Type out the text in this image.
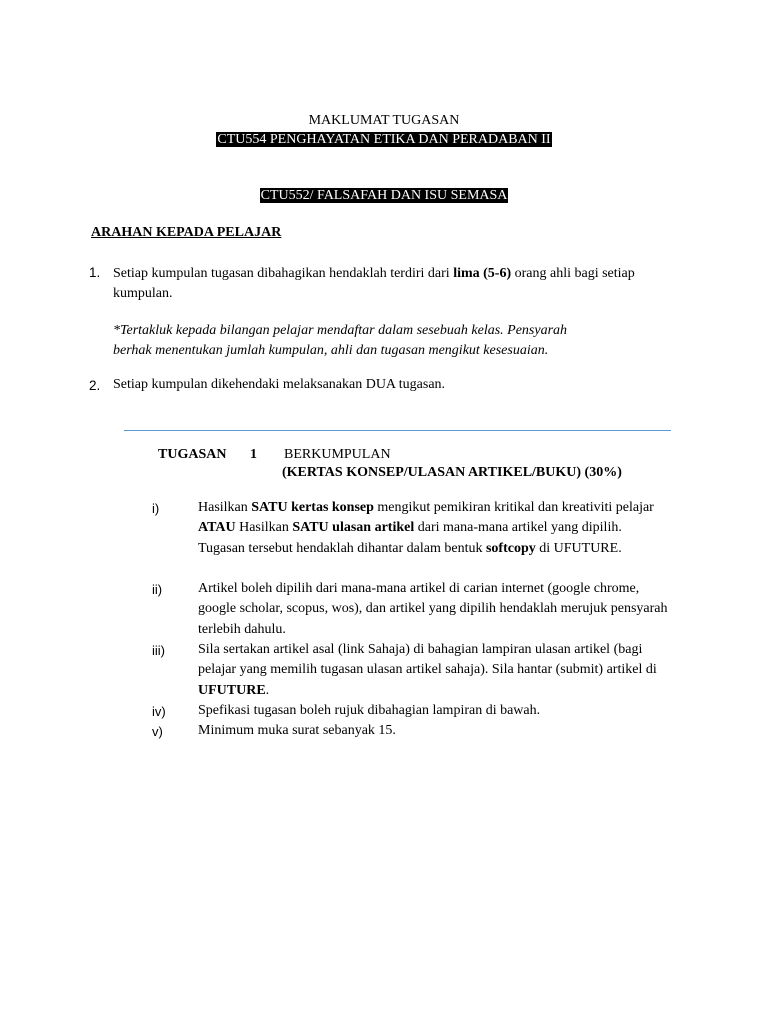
MAKLUMAT TUGASAN
CTU554 PENGHAYATAN ETIKA DAN PERADABAN II
CTU552/ FALSAFAH DAN ISU SEMASA
ARAHAN KEPADA PELAJAR
1. Setiap kumpulan tugasan dibahagikan hendaklah terdiri dari lima (5-6) orang ahli bagi setiap
kumpulan.
*Tertakluk kepada bilangan pelajar mendaftar dalam sesebuah kelas. Pensyarah
berhak menentukan jumlah kumpulan, ahli dan tugasan mengikut kesesuaian.
2. Setiap kumpulan dikehendaki melaksanakan DUA tugasan.
TUGASAN 1 BERKUMPULAN
(KERTAS KONSEP/ULASAN ARTIKEL/BUKU) (30%)
i)	Hasilkan SATU kertas konsep mengikut pemikiran kritikal dan kreativiti pelajar ATAU Hasilkan SATU ulasan artikel dari mana-mana artikel yang dipilih. Tugasan tersebut hendaklah dihantar dalam bentuk softcopy di UFUTURE.
ii)	Artikel boleh dipilih dari mana-mana artikel di carian internet (google chrome, google scholar, scopus, wos), dan artikel yang dipilih hendaklah merujuk pensyarah terlebih dahulu.
iii) Sila sertakan artikel asal (link Sahaja) di bahagian lampiran ulasan artikel (bagi pelajar yang memilih tugasan ulasan artikel sahaja). Sila hantar (submit) artikel di UFUTURE.
iv) Spefikasi tugasan boleh rujuk dibahagian lampiran di bawah.
v)	Minimum muka surat sebanyak 15.
